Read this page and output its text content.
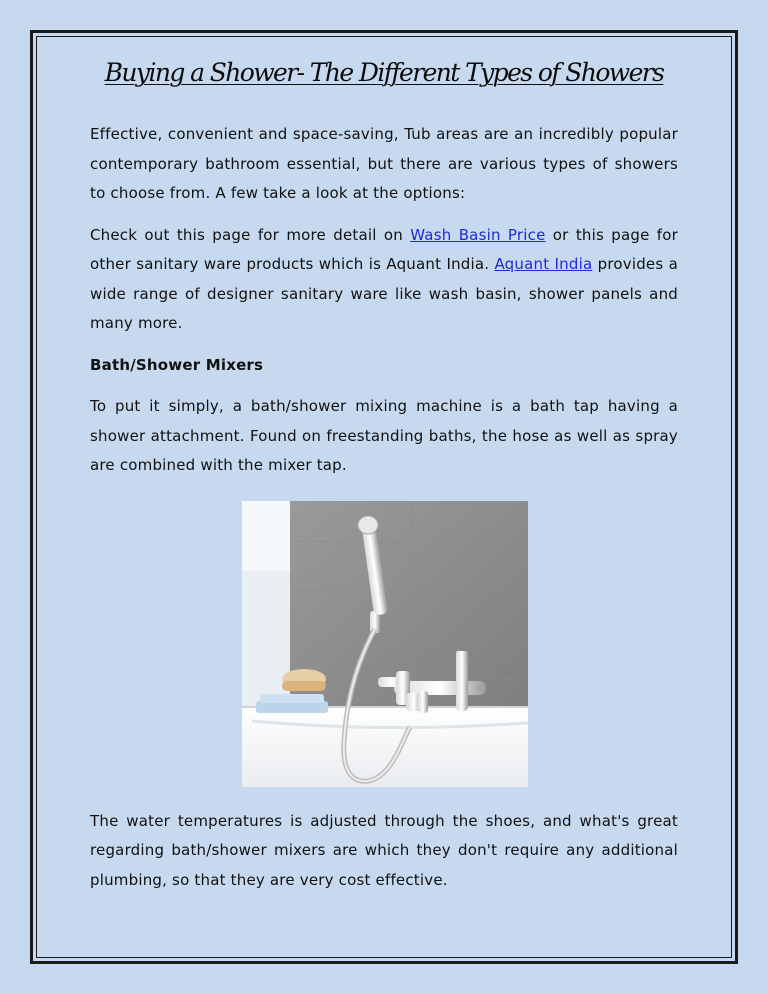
Buying a Shower- The Different Types of Showers

Effective, convenient and space-saving, Tub areas are an incredibly popular contemporary bathroom essential, but there are various types of showers to choose from. A few take a look at the options:

Check out this page for more detail on Wash Basin Price or this page for other sanitary ware products which is Aquant India. Aquant India provides a wide range of designer sanitary ware like wash basin, shower panels and many more.

Bath/Shower Mixers

To put it simply, a bath/shower mixing machine is a bath tap having a shower attachment. Found on freestanding baths, the hose as well as spray are combined with the mixer tap.

The water temperatures is adjusted through the shoes, and what's great regarding bath/shower mixers are which they don't require any additional plumbing, so that they are very cost effective.
